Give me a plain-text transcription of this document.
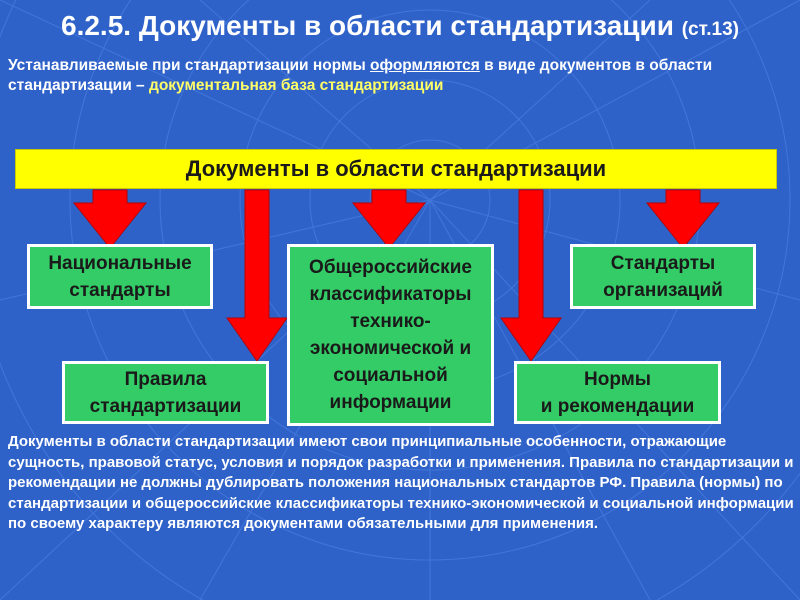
6.2.5. Документы в области стандартизации (ст.13)
Устанавливаемые при стандартизации нормы оформляются в виде документов в области стандартизации – документальная база стандартизации
Документы в области стандартизации
Национальные
стандарты
Общероссийские
классификаторы
технико-
экономической и
социальной
информации
Стандарты
организаций
Правила
стандартизации
Нормы
и рекомендации
Документы в области стандартизации имеют свои принципиальные особенности, отражающие сущность, правовой статус, условия и порядок разработки и применения. Правила по стандартизации и рекомендации не должны дублировать положения национальных стандартов РФ. Правила (нормы) по стандартизации и общероссийские классификаторы технико-экономической и социальной информации по своему характеру являются документами обязательными для применения.
